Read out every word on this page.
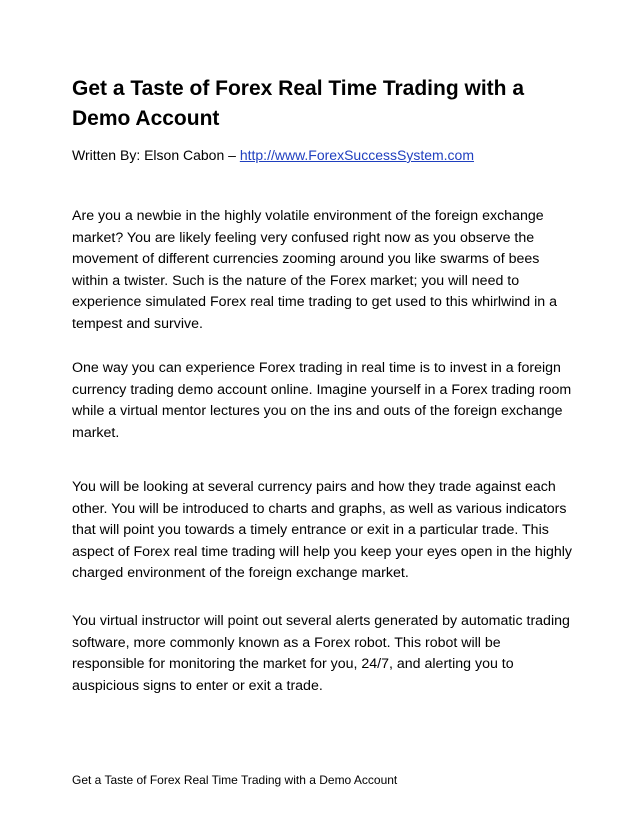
Get a Taste of Forex Real Time Trading with a Demo Account

Written By: Elson Cabon – http://www.ForexSuccessSystem.com

Are you a newbie in the highly volatile environment of the foreign exchange market? You are likely feeling very confused right now as you observe the movement of different currencies zooming around you like swarms of bees within a twister. Such is the nature of the Forex market; you will need to experience simulated Forex real time trading to get used to this whirlwind in a tempest and survive.

One way you can experience Forex trading in real time is to invest in a foreign currency trading demo account online. Imagine yourself in a Forex trading room while a virtual mentor lectures you on the ins and outs of the foreign exchange market.

You will be looking at several currency pairs and how they trade against each other. You will be introduced to charts and graphs, as well as various indicators that will point you towards a timely entrance or exit in a particular trade. This aspect of Forex real time trading will help you keep your eyes open in the highly charged environment of the foreign exchange market.

You virtual instructor will point out several alerts generated by automatic trading software, more commonly known as a Forex robot. This robot will be responsible for monitoring the market for you, 24/7, and alerting you to auspicious signs to enter or exit a trade.

Get a Taste of Forex Real Time Trading with a Demo Account
